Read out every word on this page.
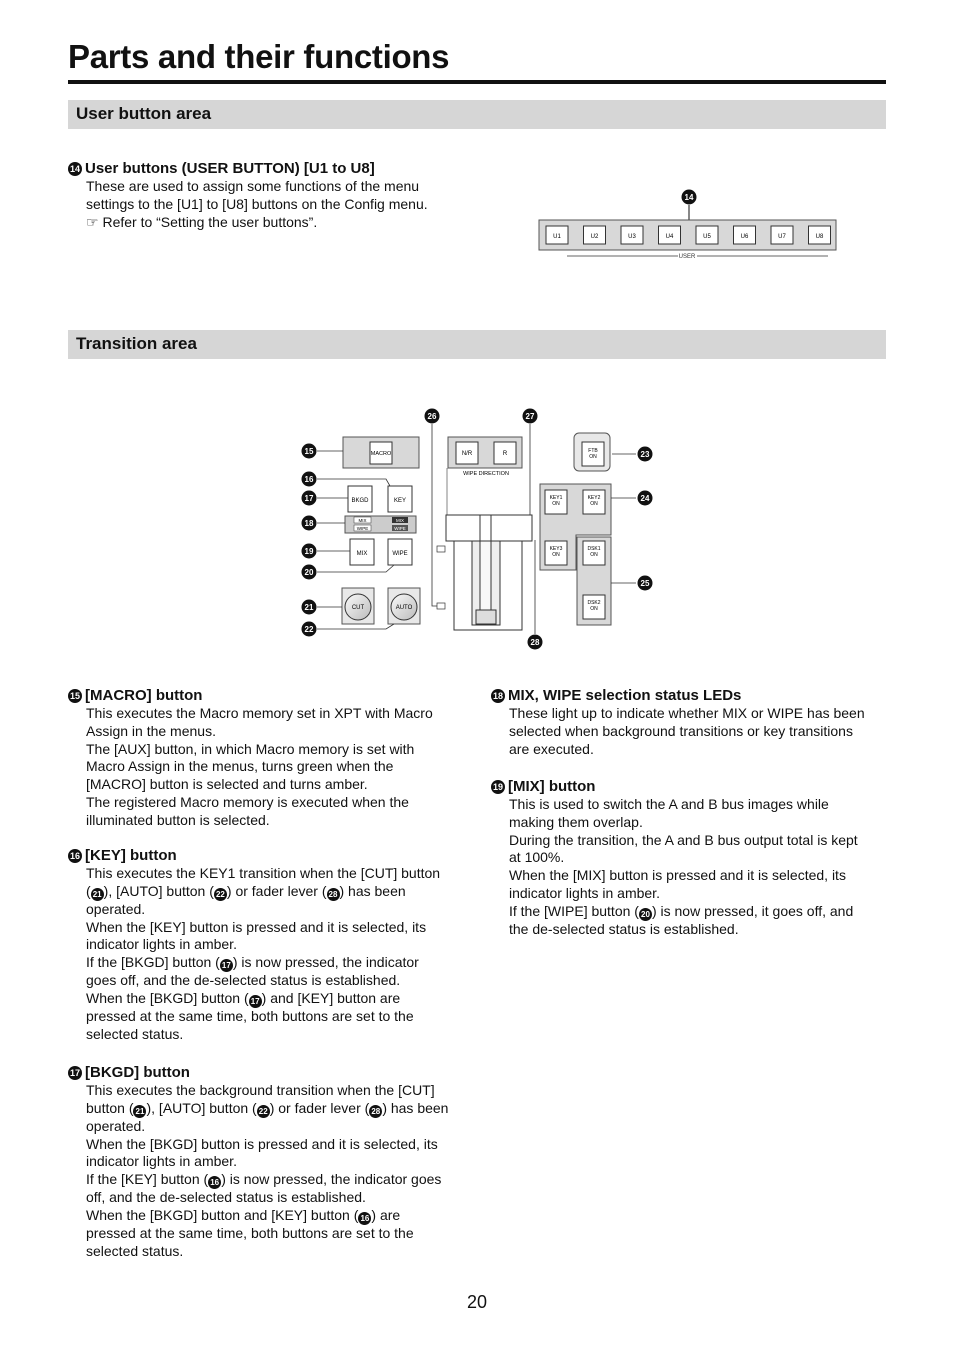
Parts and their functions
User button area
14 User buttons (USER BUTTON) [U1 to U8]
These are used to assign some functions of the menu
settings to the [U1] to [U8] buttons on the Config menu.
☞ Refer to “Setting the user buttons”.
14
U1	U2	U3	U4	U5	U6	U7	U8
USER
Transition area
MACRO
BKGD	KEY
MIX
WIPE
MIX
WIPE
MIX	WIPE
CUT	AUTO
15
16
17
18
19
20
21
22
26
N/R	R
WIPE DIRECTION
27
28
FTB
ON	23
KEY1
ON
KEY2
ON
KEY3
ON
24
DSK1
ON
DSK2
ON
25
15 [MACRO] button
This executes the Macro memory set in XPT with Macro
Assign in the menus.
The [AUX] button, in which Macro memory is set with
Macro Assign in the menus, turns green when the
[MACRO] button is selected and turns amber.
The registered Macro memory is executed when the
illuminated button is selected.
16 [KEY] button
This executes the KEY1 transition when the [CUT] button
( 21 ), [AUTO] button ( 22 ) or fader lever ( 28 ) has been
operated.
When the [KEY] button is pressed and it is selected, its
indicator lights in amber.
If the [BKGD] button ( 17 ) is now pressed, the indicator
goes off, and the de-selected status is established.
When the [BKGD] button ( 17 ) and [KEY] button are
pressed at the same time, both buttons are set to the
selected status.
17 [BKGD] button
This executes the background transition when the [CUT]
button ( 21 ), [AUTO] button ( 22 ) or fader lever ( 28 ) has been
operated.
When the [BKGD] button is pressed and it is selected, its
indicator lights in amber.
If the [KEY] button ( 16 ) is now pressed, the indicator goes
off, and the de-selected status is established.
When the [BKGD] button and [KEY] button ( 16 ) are
pressed at the same time, both buttons are set to the
selected status.
18 MIX, WIPE selection status LEDs
These light up to indicate whether MIX or WIPE has been
selected when background transitions or key transitions
are executed.
19 [MIX] button
This is used to switch the A and B bus images while
making them overlap.
During the transition, the A and B bus output total is kept
at 100%.
When the [MIX] button is pressed and it is selected, its
indicator lights in amber.
If the [WIPE] button ( 20 ) is now pressed, it goes off, and
the de-selected status is established.
20
